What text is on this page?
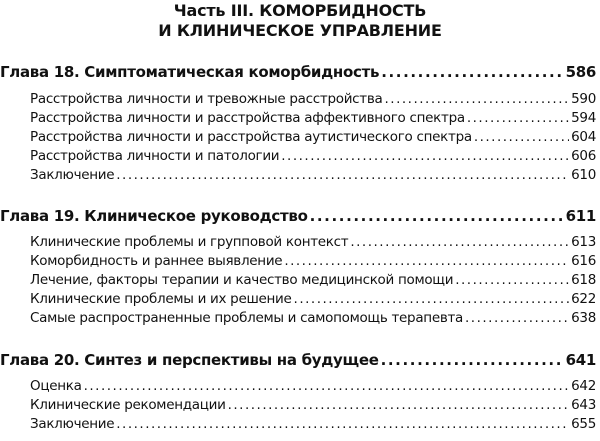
Часть III. КОМОРБИДНОСТЬ
И КЛИНИЧЕСКОЕ УПРАВЛЕНИЕ
Глава 18. Симптоматическая коморбидность .....	586
Расстройства личности и тревожные расстройства .....	590
Расстройства личности и расстройства аффективного спектра .....	594
Расстройства личности и расстройства аутистического спектра .....	604
Расстройства личности и патологии .....	606
Заключение .....	610
Глава 19. Клиническое руководство .....	611
Клинические проблемы и групповой контекст .....	613
Коморбидность и раннее выявление .....	616
Лечение, факторы терапии и качество медицинской помощи .....	618
Клинические проблемы и их решение .....	622
Самые распространенные проблемы и самопомощь терапевта .....	638
Глава 20. Синтез и перспективы на будущее .....	641
Оценка .....	642
Клинические рекомендации .....	643
Заключение .....	655
